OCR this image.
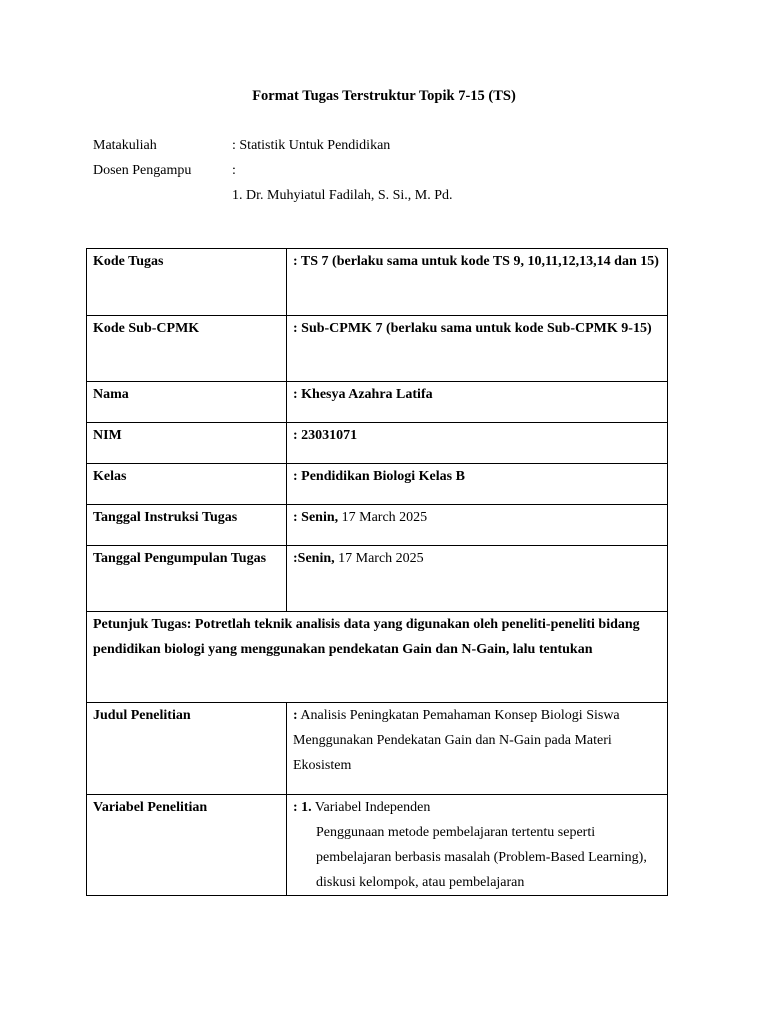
Format Tugas Terstruktur Topik 7-15 (TS)
Matakuliah	: Statistik Untuk Pendidikan
Dosen Pengampu	:
1. Dr. Muhyiatul Fadilah, S. Si., M. Pd.
Kode Tugas	: TS 7 (berlaku sama untuk kode TS 9, 10,11,12,13,14 dan 15)
Kode Sub-CPMK	: Sub-CPMK 7 (berlaku sama untuk kode Sub-CPMK 9-15)
Nama	: Khesya Azahra Latifa
NIM	: 23031071
Kelas	: Pendidikan Biologi Kelas B
Tanggal Instruksi Tugas	: Senin, 17 March 2025
Tanggal Pengumpulan Tugas	:Senin, 17 March 2025
Petunjuk Tugas: Potretlah teknik analisis data yang digunakan oleh peneliti-peneliti bidang pendidikan biologi yang menggunakan pendekatan Gain dan N-Gain, lalu tentukan	
Judul Penelitian	: Analisis Peningkatan Pemahaman Konsep Biologi Siswa Menggunakan Pendekatan Gain dan N-Gain pada Materi Ekosistem
Variabel Penelitian	: 1. Variabel Independen
Penggunaan metode pembelajaran tertentu seperti pembelajaran berbasis masalah (Problem-Based Learning), diskusi kelompok, atau pembelajaran
